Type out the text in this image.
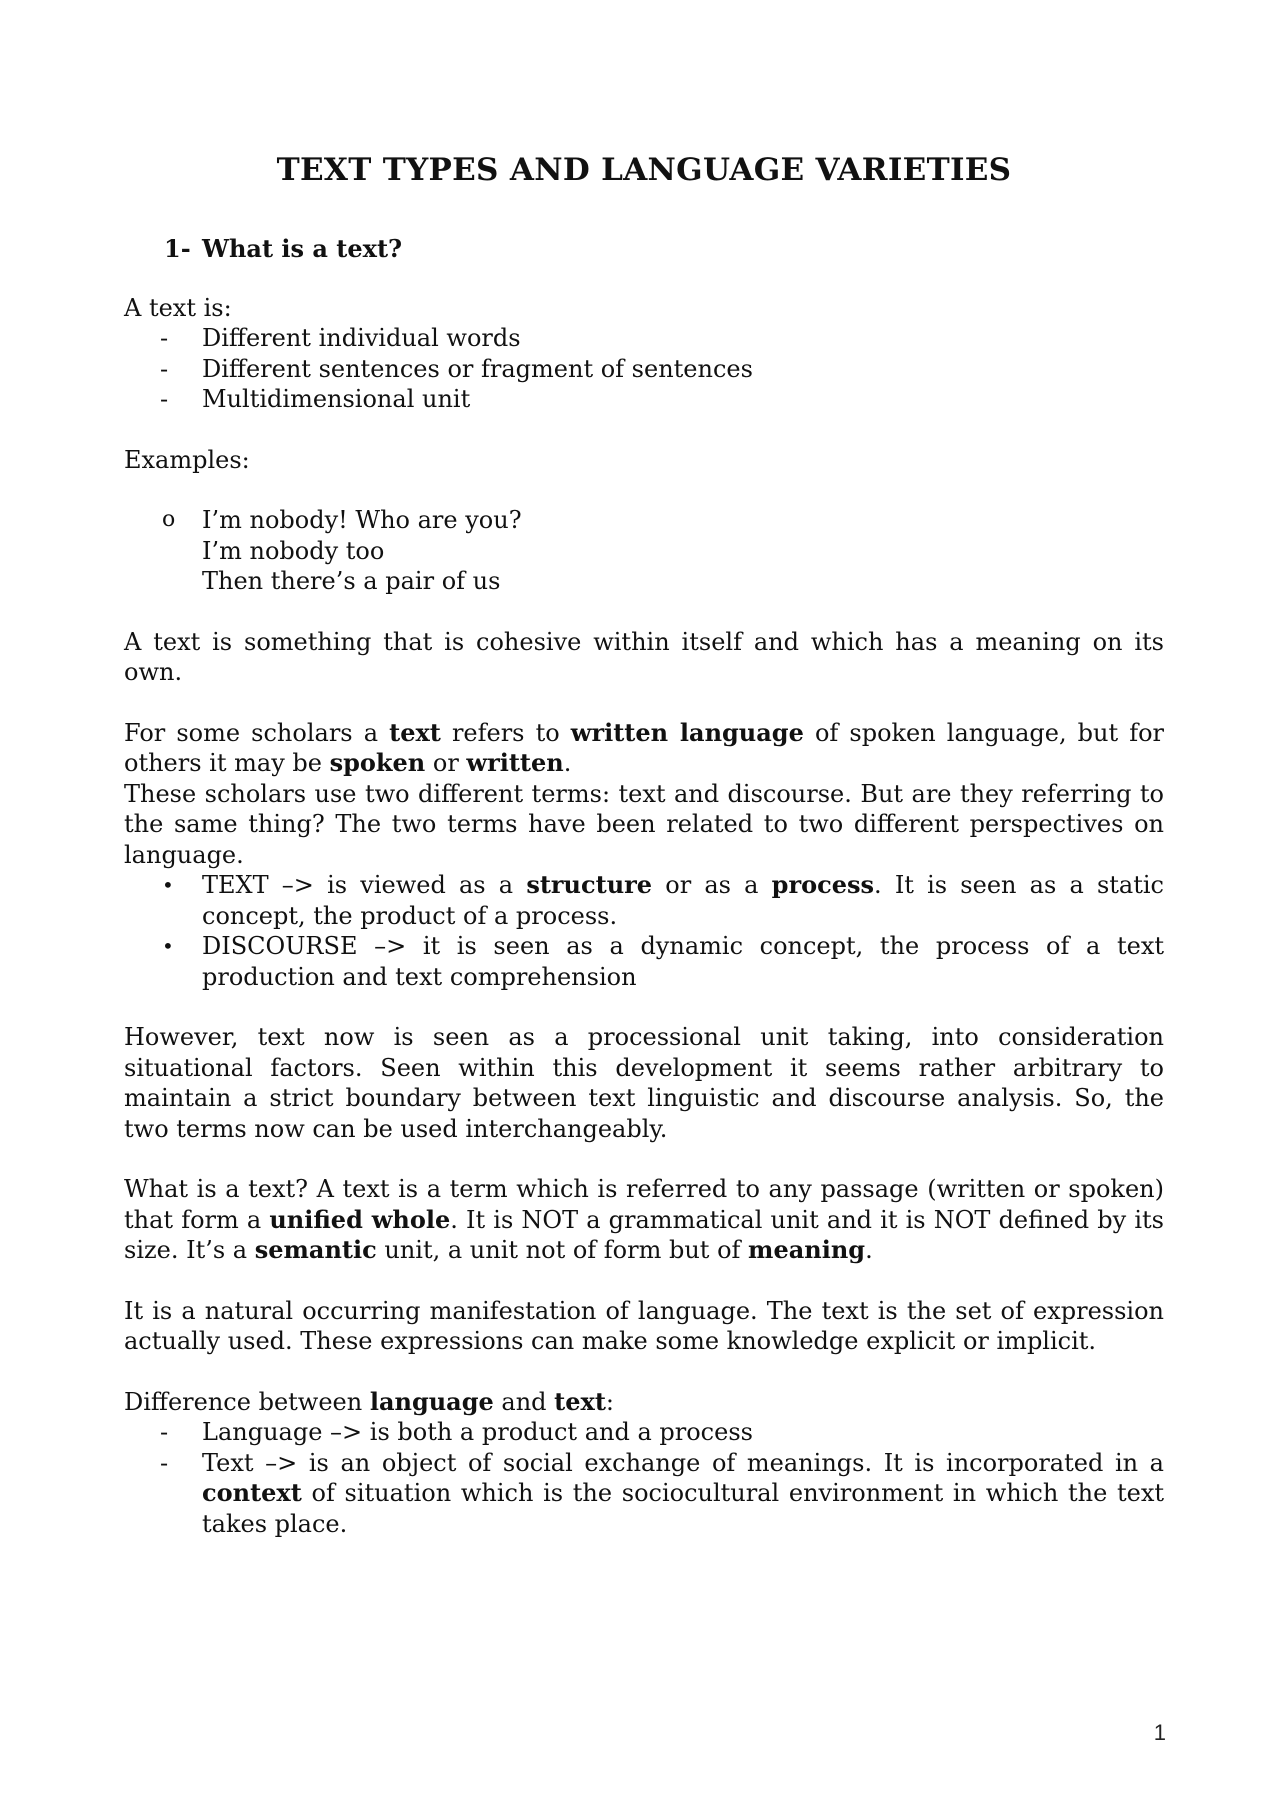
TEXT TYPES AND LANGUAGE VARIETIES
1- What is a text?

A text is:

- Different individual words
- Different sentences or fragment of sentences
- Multidimensional unit

Examples:

o I’m nobody! Who are you?
I’m nobody too
Then there’s a pair of us

A text is something that is cohesive within itself and which has a meaning on its own.

For some scholars a text refers to written language of spoken language, but for others it may be spoken or written.

These scholars use two different terms: text and discourse. But are they referring to the same thing? The two terms have been related to two different perspectives on language.

• TEXT –> is viewed as a structure or as a process. It is seen as a static concept, the product of a process.
• DISCOURSE –> it is seen as a dynamic concept, the process of a text production and text comprehension

However, text now is seen as a processional unit taking, into consideration situational factors. Seen within this development it seems rather arbitrary to maintain a strict boundary between text linguistic and discourse analysis. So, the two terms now can be used interchangeably.

What is a text? A text is a term which is referred to any passage (written or spoken) that form a unified whole. It is NOT a grammatical unit and it is NOT defined by its size. It’s a semantic unit, a unit not of form but of meaning.

It is a natural occurring manifestation of language. The text is the set of expression actually used. These expressions can make some knowledge explicit or implicit.

Difference between language and text:

- Language –> is both a product and a process
- Text –> is an object of social exchange of meanings. It is incorporated in a context of situation which is the sociocultural environment in which the text takes place.
1
